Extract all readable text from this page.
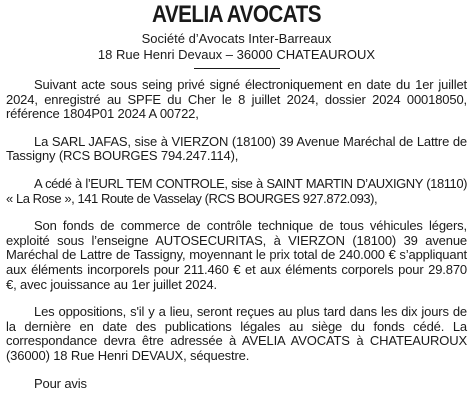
AVELIA AVOCATS
Société d’Avocats Inter-Barreaux
18 Rue Henri Devaux – 36000 CHATEAUROUX

Suivant acte sous seing privé signé électroniquement en date du 1er juillet 2024, enregistré au SPFE du Cher le 8 juillet 2024, dossier 2024 00018050, référence 1804P01 2024 A 00722,

La SARL JAFAS, sise à VIERZON (18100) 39 Avenue Maréchal de Lattre de Tassigny (RCS BOURGES 794.247.114),

A cédé à l’EURL TEM CONTROLE, sise à SAINT MARTIN D’AUXIGNY (18110) « La Rose », 141 Route de Vasselay (RCS BOURGES 927.872.093),

Son fonds de commerce de contrôle technique de tous véhicules légers, exploité sous l’enseigne AUTOSECURITAS, à VIERZON (18100) 39 avenue Maréchal de Lattre de Tassigny, moyennant le prix total de 240.000 € s’appliquant aux éléments incorporels pour 211.460 € et aux éléments corporels pour 29.870 €, avec jouissance au 1er juillet 2024.

Les oppositions, s'il y a lieu, seront reçues au plus tard dans les dix jours de la dernière en date des publications légales au siège du fonds cédé. La correspondance devra être adressée à AVELIA AVOCATS à CHATEAUROUX (36000) 18 Rue Henri DEVAUX, séquestre.

Pour avis
